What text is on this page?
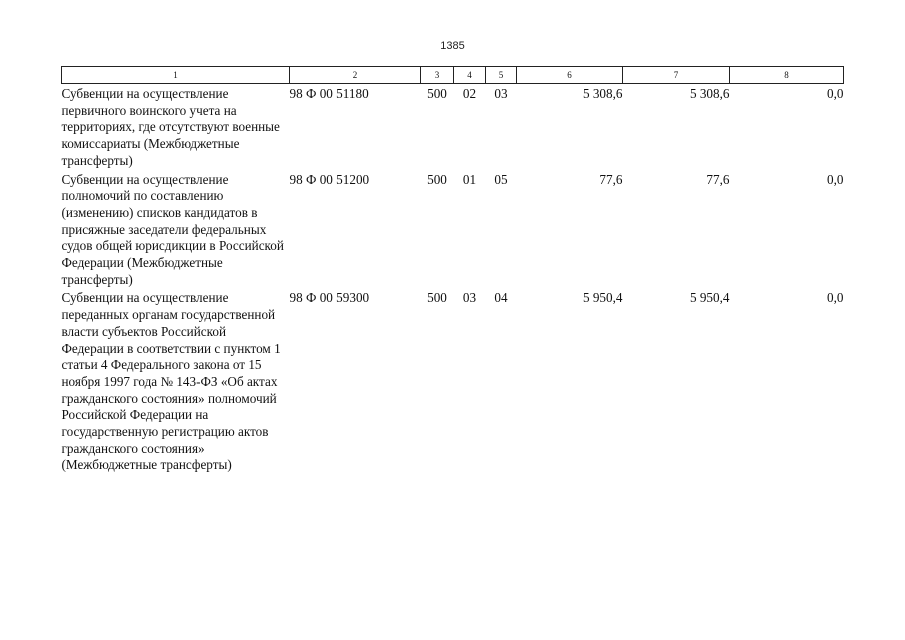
1385
1	2	3	4	5	6	7	8
Субвенции на осуществление первичного воинского учета на территориях, где отсутствуют военные комиссариаты (Межбюджетные трансферты)	98 Ф 00 51180	500	02	03	5 308,6	5 308,6	0,0
Субвенции на осуществление полномочий по составлению (изменению) списков кандидатов в присяжные заседатели федеральных судов общей юрисдикции в Российской Федерации (Межбюджетные трансферты)	98 Ф 00 51200	500	01	05	77,6	77,6	0,0
Субвенции на осуществление переданных органам государственной власти субъектов Российской Федерации в соответствии с пунктом 1 статьи 4 Федерального закона от 15 ноября 1997 года № 143-ФЗ «Об актах гражданского состояния» полномочий Российской Федерации на государственную регистрацию актов гражданского состояния» (Межбюджетные трансферты)	98 Ф 00 59300	500	03	04	5 950,4	5 950,4	0,0
